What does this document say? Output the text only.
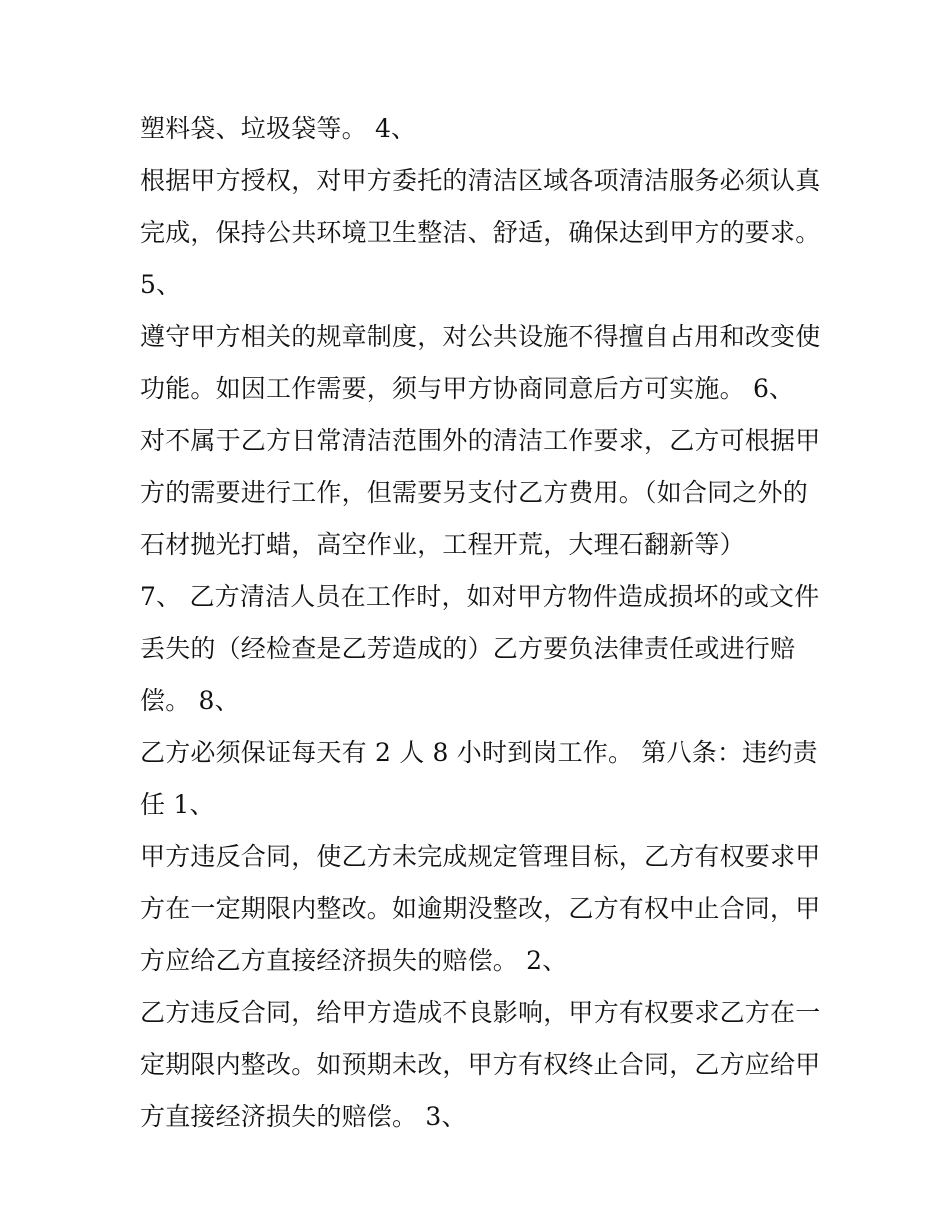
塑料袋、垃圾袋等。 4、
根据甲方授权，对甲方委托的清洁区域各项清洁服务必须认真
完成，保持公共环境卫生整洁、舒适，确保达到甲方的要求。
5、
遵守甲方相关的规章制度，对公共设施不得擅自占用和改变使
功能。如因工作需要，须与甲方协商同意后方可实施。 6、
对不属于乙方日常清洁范围外的清洁工作要求，乙方可根据甲
方的需要进行工作，但需要另支付乙方费用。（如合同之外的
石材抛光打蜡，高空作业，工程开荒，大理石翻新等）
7、 乙方清洁人员在工作时，如对甲方物件造成损坏的或文件
丢失的（经检查是乙芳造成的）乙方要负法律责任或进行赔
偿。 8、
乙方必须保证每天有 2 人 8 小时到岗工作。 第八条：违约责
任 1、
甲方违反合同，使乙方未完成规定管理目标，乙方有权要求甲
方在一定期限内整改。如逾期没整改，乙方有权中止合同，甲
方应给乙方直接经济损失的赔偿。 2、
乙方违反合同，给甲方造成不良影响，甲方有权要求乙方在一
定期限内整改。如预期未改，甲方有权终止合同，乙方应给甲
方直接经济损失的赔偿。 3、
